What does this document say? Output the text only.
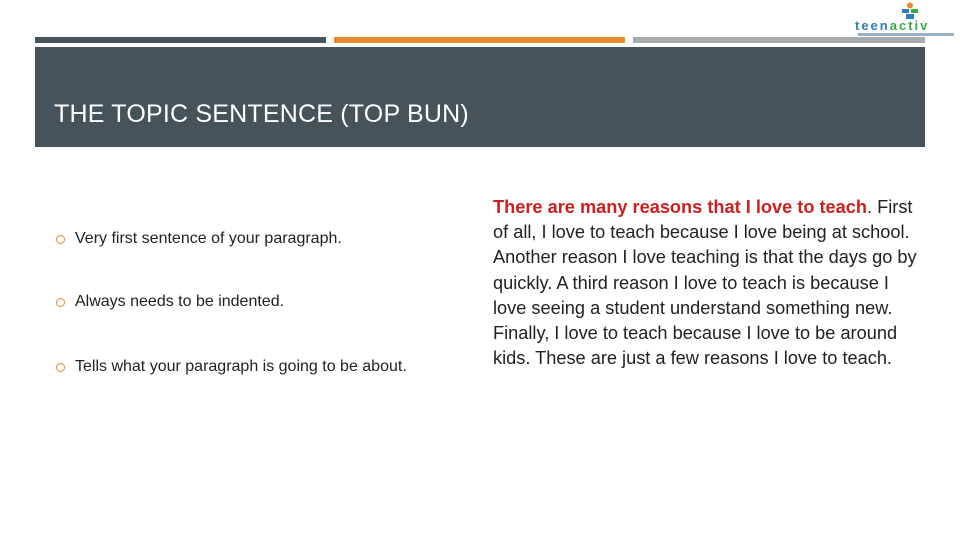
teenactiv
THE TOPIC SENTENCE (TOP BUN)
Very first sentence of your paragraph.
Always needs to be indented.
Tells what your paragraph is going to be about.
There are many reasons that I love to teach. First of all, I love to teach because I love being at school. Another reason I love teaching is that the days go by quickly. A third reason I love to teach is because I love seeing a student understand something new. Finally, I love to teach because I love to be around kids. These are just a few reasons I love to teach.
